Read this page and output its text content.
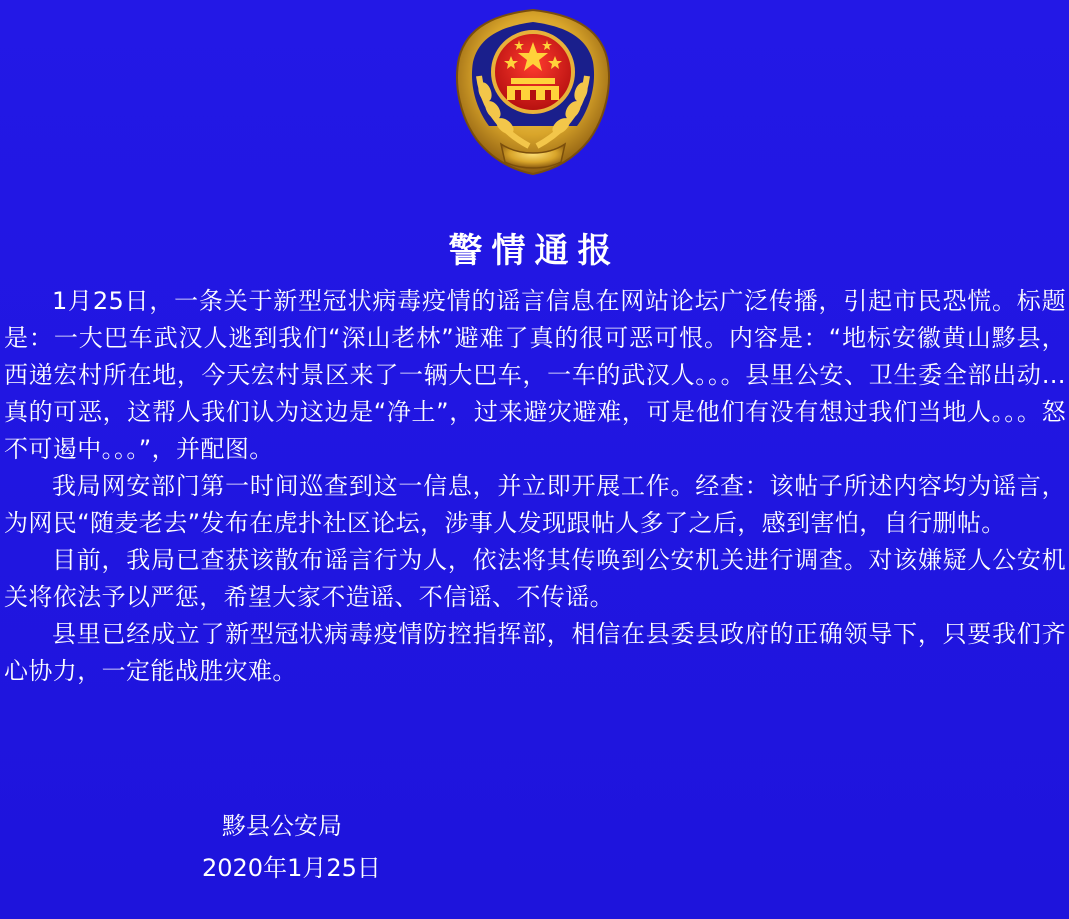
警情通报

1月25日，一条关于新型冠状病毒疫情的谣言信息在网站论坛广泛传播，引起市民恐慌。标题是：一大巴车武汉人逃到我们“深山老林”避难了真的很可恶可恨。内容是：“地标安徽黄山黟县，西递宏村所在地，今天宏村景区来了一辆大巴车，一车的武汉人。。。县里公安、卫生委全部出动…真的可恶，这帮人我们认为这边是“净土”，过来避灾避难，可是他们有没有想过我们当地人。。。怒不可遏中。。。”，并配图。

我局网安部门第一时间巡查到这一信息，并立即开展工作。经查：该帖子所述内容均为谣言，为网民“随麦老去”发布在虎扑社区论坛，涉事人发现跟帖人多了之后，感到害怕，自行删帖。

目前，我局已查获该散布谣言行为人，依法将其传唤到公安机关进行调查。对该嫌疑人公安机关将依法予以严惩，希望大家不造谣、不信谣、不传谣。

县里已经成立了新型冠状病毒疫情防控指挥部，相信在县委县政府的正确领导下，只要我们齐心协力，一定能战胜灾难。

黟县公安局
2020年1月25日
